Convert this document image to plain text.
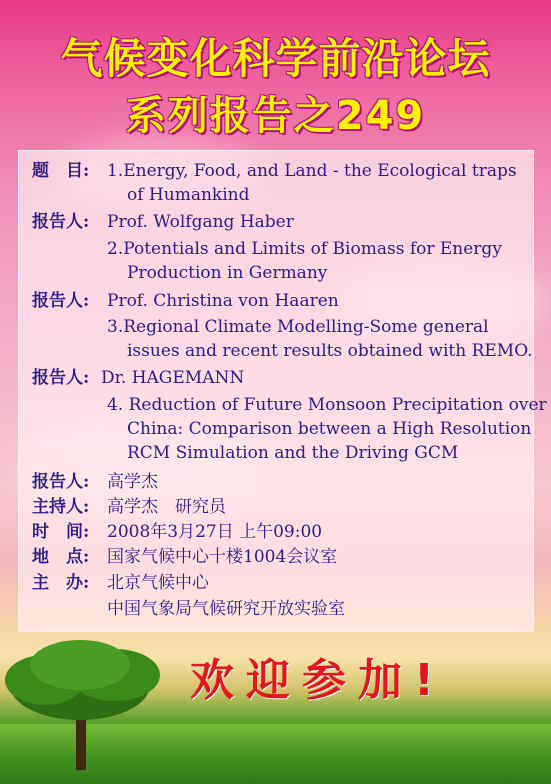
气候变化科学前沿论坛
系列报告之249
题　目: 1.Energy, Food, and Land - the Ecological traps
of Humankind
报告人: Prof. Wolfgang Haber
2.Potentials and Limits of Biomass for Energy
Production in Germany
报告人: Prof. Christina von Haaren
3.Regional Climate Modelling-Some general
issues and recent results obtained with REMO.
报告人: Dr. HAGEMANN
4. Reduction of Future Monsoon Precipitation over
China: Comparison between a High Resolution
RCM Simulation and the Driving GCM
报告人: 高学杰
主持人: 高学杰　研究员
时　间: 2008年3月27日 上午09:00
地　点: 国家气候中心十楼1004会议室
主　办: 北京气候中心
中国气象局气候研究开放实验室
欢迎参加!
